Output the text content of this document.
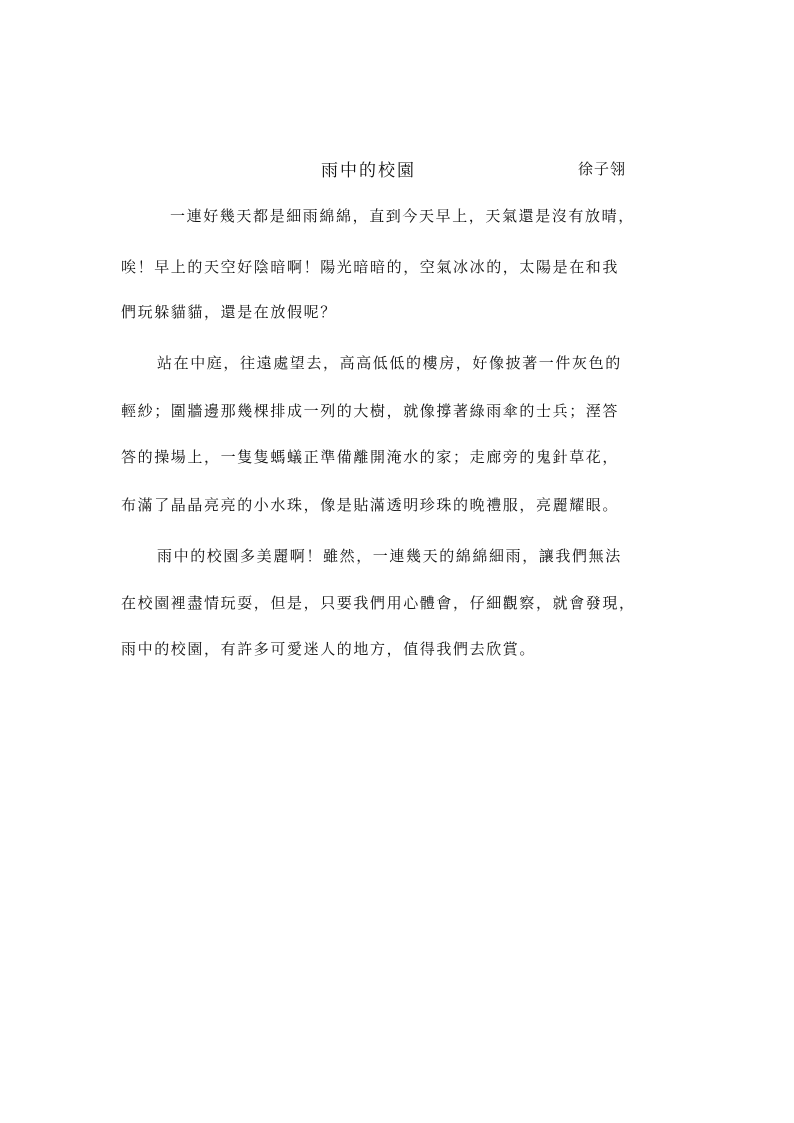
雨中的校園	徐子翎
一連好幾天都是細雨綿綿，直到今天早上，天氣還是沒有放晴，
唉！早上的天空好陰暗啊！陽光暗暗的，空氣冰冰的，太陽是在和我
們玩躲貓貓，還是在放假呢？
站在中庭，往遠處望去，高高低低的樓房，好像披著一件灰色的
輕紗；圍牆邊那幾棵排成一列的大樹，就像撐著綠雨傘的士兵；溼答
答的操場上，一隻隻螞蟻正準備離開淹水的家；走廊旁的鬼針草花，
布滿了晶晶亮亮的小水珠，像是貼滿透明珍珠的晚禮服，亮麗耀眼。
雨中的校園多美麗啊！雖然，一連幾天的綿綿細雨，讓我們無法
在校園裡盡情玩耍，但是，只要我們用心體會，仔細觀察，就會發現，
雨中的校園，有許多可愛迷人的地方，值得我們去欣賞。
